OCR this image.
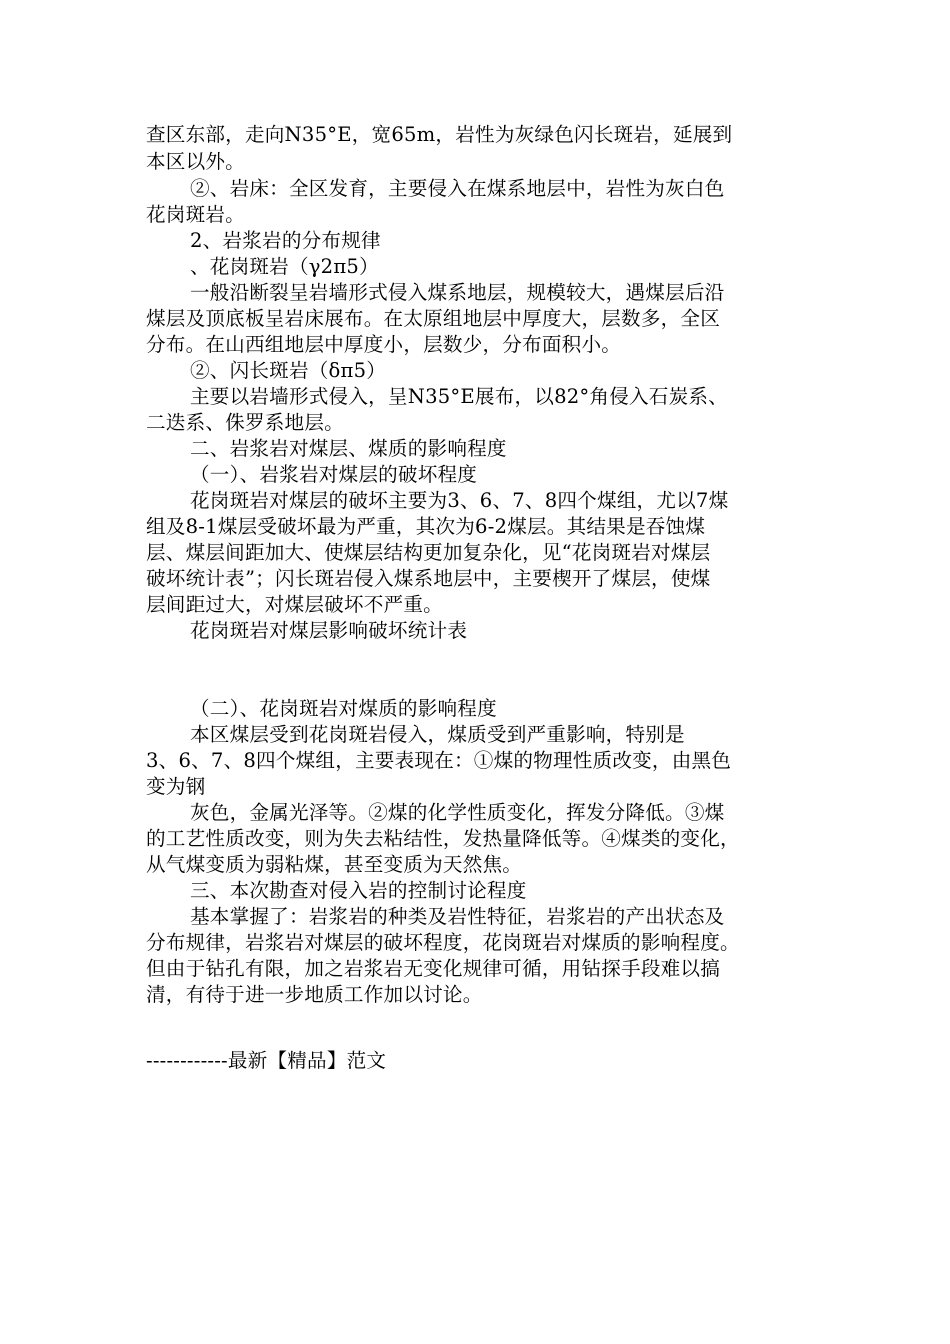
查区东部，走向N35°E，宽65m，岩性为灰绿色闪长斑岩，延展到
本区以外。
②、岩床：全区发育，主要侵入在煤系地层中，岩性为灰白色
花岗斑岩。
2、岩浆岩的分布规律
、花岗斑岩（γ2π5）
一般沿断裂呈岩墙形式侵入煤系地层，规模较大，遇煤层后沿
煤层及顶底板呈岩床展布。在太原组地层中厚度大，层数多，全区
分布。在山西组地层中厚度小，层数少，分布面积小。
②、闪长斑岩（δπ5）
主要以岩墙形式侵入，呈N35°E展布，以82°角侵入石炭系、
二迭系、侏罗系地层。
二、岩浆岩对煤层、煤质的影响程度
（一）、岩浆岩对煤层的破坏程度
花岗斑岩对煤层的破坏主要为3、6、7、8四个煤组，尤以7煤
组及8-1煤层受破坏最为严重，其次为6-2煤层。其结果是吞蚀煤
层、煤层间距加大、使煤层结构更加复杂化，见“花岗斑岩对煤层
破坏统计表”；闪长斑岩侵入煤系地层中，主要楔开了煤层，使煤
层间距过大，对煤层破坏不严重。
花岗斑岩对煤层影响破坏统计表
（二）、花岗斑岩对煤质的影响程度
本区煤层受到花岗斑岩侵入，煤质受到严重影响，特别是
3、6、7、8四个煤组，主要表现在：①煤的物理性质改变，由黑色
变为钢
灰色，金属光泽等。②煤的化学性质变化，挥发分降低。③煤
的工艺性质改变，则为失去粘结性，发热量降低等。④煤类的变化，
从气煤变质为弱粘煤，甚至变质为天然焦。
三、本次勘查对侵入岩的控制讨论程度
基本掌握了：岩浆岩的种类及岩性特征，岩浆岩的产出状态及
分布规律，岩浆岩对煤层的破坏程度，花岗斑岩对煤质的影响程度。
但由于钻孔有限，加之岩浆岩无变化规律可循，用钻探手段难以搞
清，有待于进一步地质工作加以讨论。
------------最新【精品】范文
